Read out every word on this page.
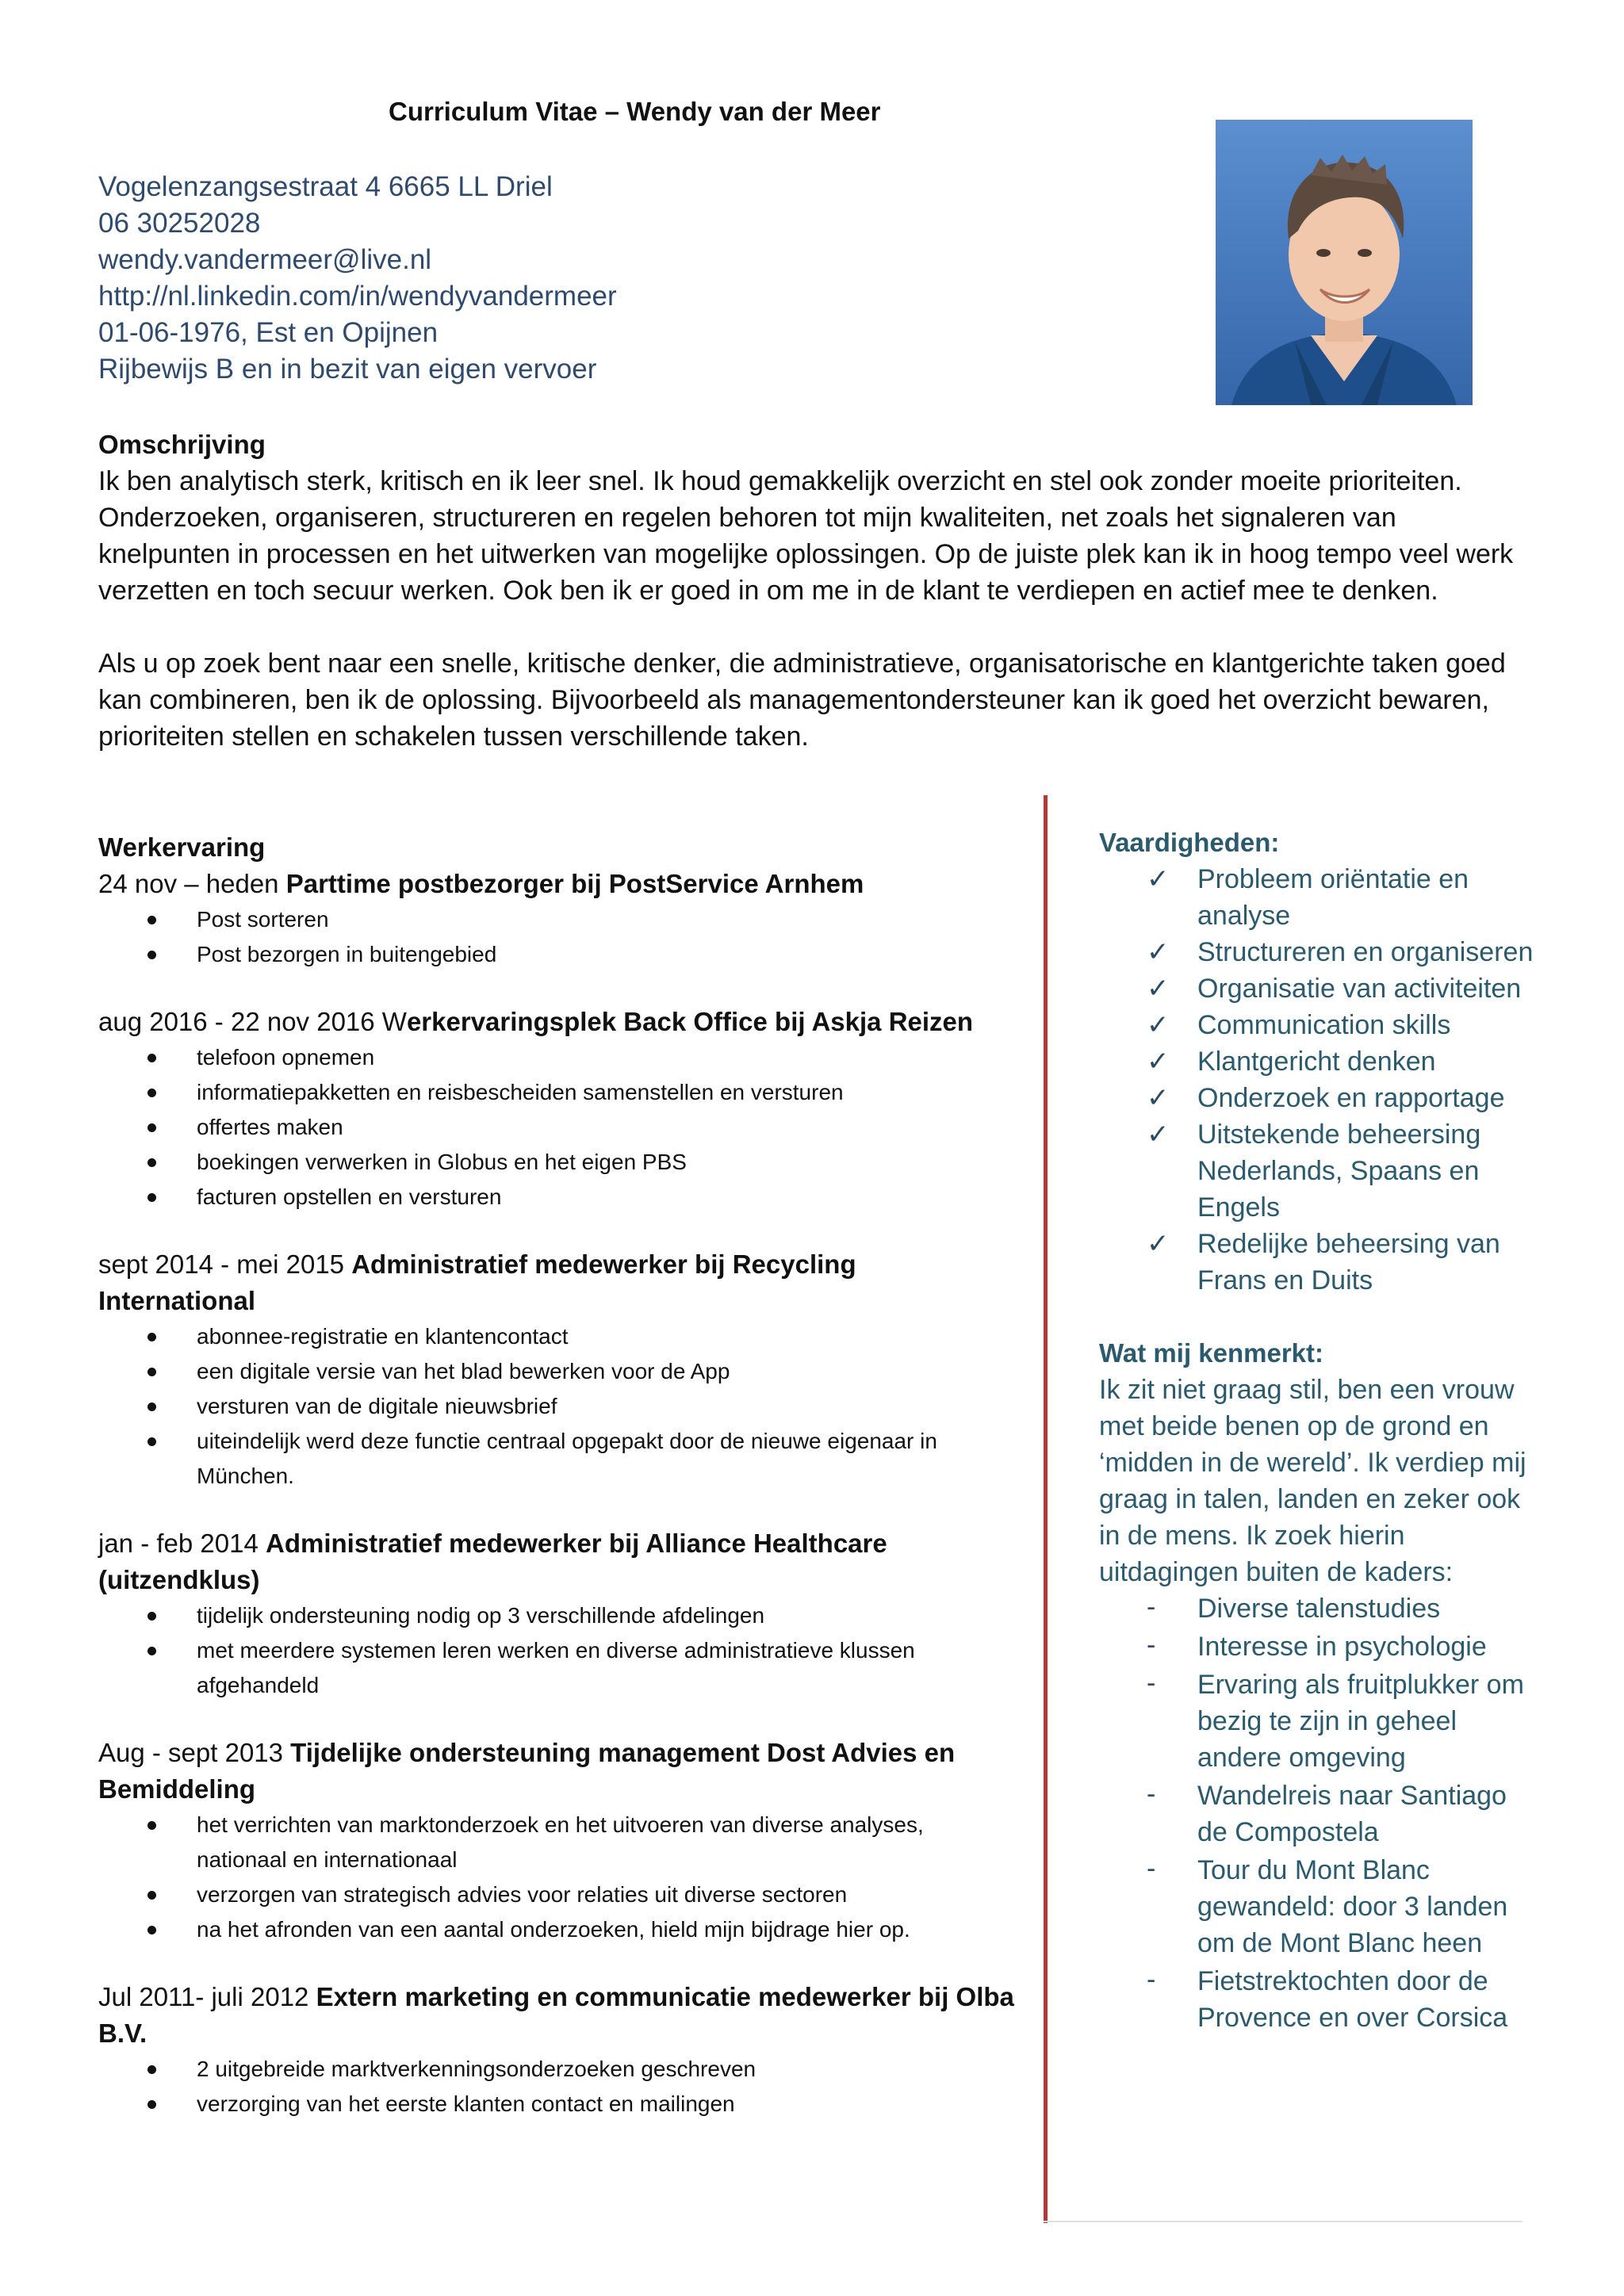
Curriculum Vitae – Wendy van der Meer
Vogelenzangsestraat 4 6665 LL Driel
06 30252028
wendy.vandermeer@live.nl
http://nl.linkedin.com/in/wendyvandermeer
01-06-1976, Est en Opijnen
Rijbewijs B en in bezit van eigen vervoer
Omschrijving

Ik ben analytisch sterk, kritisch en ik leer snel. Ik houd gemakkelijk overzicht en stel ook zonder moeite prioriteiten. Onderzoeken, organiseren, structureren en regelen behoren tot mijn kwaliteiten, net zoals het signaleren van knelpunten in processen en het uitwerken van mogelijke oplossingen. Op de juiste plek kan ik in hoog tempo veel werk verzetten en toch secuur werken. Ook ben ik er goed in om me in de klant te verdiepen en actief mee te denken.

Als u op zoek bent naar een snelle, kritische denker, die administratieve, organisatorische en klantgerichte taken goed kan combineren, ben ik de oplossing. Bijvoorbeeld als managementondersteuner kan ik goed het overzicht bewaren, prioriteiten stellen en schakelen tussen verschillende taken.

Werkervaring

24 nov – heden Parttime postbezorger bij PostService Arnhem

Post sorteren
Post bezorgen in buitengebied

aug 2016 - 22 nov 2016 Werkervaringsplek Back Office bij Askja Reizen

telefoon opnemen
informatiepakketten en reisbescheiden samenstellen en versturen
offertes maken
boekingen verwerken in Globus en het eigen PBS
facturen opstellen en versturen

sept 2014 - mei 2015 Administratief medewerker bij Recycling International

abonnee-registratie en klantencontact
een digitale versie van het blad bewerken voor de App
versturen van de digitale nieuwsbrief
uiteindelijk werd deze functie centraal opgepakt door de nieuwe eigenaar in München.

jan - feb 2014 Administratief medewerker bij Alliance Healthcare (uitzendklus)

tijdelijk ondersteuning nodig op 3 verschillende afdelingen
met meerdere systemen leren werken en diverse administratieve klussen afgehandeld

Aug - sept 2013 Tijdelijke ondersteuning management Dost Advies en Bemiddeling

het verrichten van marktonderzoek en het uitvoeren van diverse analyses, nationaal en internationaal
verzorgen van strategisch advies voor relaties uit diverse sectoren
na het afronden van een aantal onderzoeken, hield mijn bijdrage hier op.

Jul 2011- juli 2012 Extern marketing en communicatie medewerker bij Olba B.V.

2 uitgebreide marktverkenningsonderzoeken geschreven
verzorging van het eerste klanten contact en mailingen
Vaardigheden:
✓ Probleem oriëntatie en analyse
✓ Structureren en organiseren
✓ Organisatie van activiteiten
✓ Communication skills
✓ Klantgericht denken
✓ Onderzoek en rapportage
✓ Uitstekende beheersing Nederlands, Spaans en Engels
✓ Redelijke beheersing van Frans en Duits
Wat mij kenmerkt:

Ik zit niet graag stil, ben een vrouw met beide benen op de grond en ‘midden in de wereld’. Ik verdiep mij graag in talen, landen en zeker ook in de mens. Ik zoek hierin uitdagingen buiten de kaders:

- Diverse talenstudies
- Interesse in psychologie
- Ervaring als fruitplukker om bezig te zijn in geheel andere omgeving
- Wandelreis naar Santiago de Compostela
- Tour du Mont Blanc gewandeld: door 3 landen om de Mont Blanc heen
- Fietstrektochten door de Provence en over Corsica
